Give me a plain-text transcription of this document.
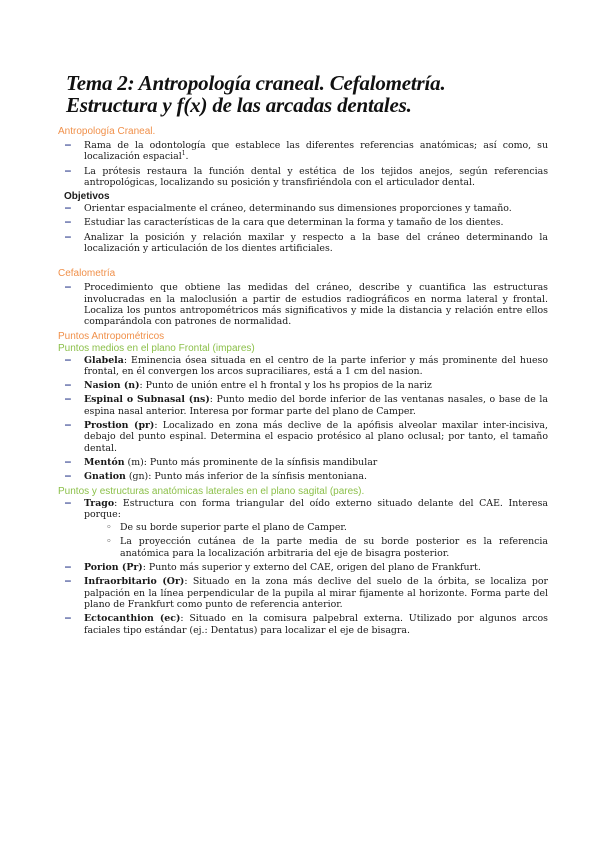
Tema 2: Antropología craneal. Cefalometría.
Estructura y f(x) de las arcadas dentales.
Antropología Craneal.
− Rama de la odontología que establece las diferentes referencias anatómicas; así como, su localización espacial$^1$.
− La prótesis restaura la función dental y estética de los tejidos anejos, según referencias antropológicas, localizando su posición y transfiriéndola con el articulador dental.
Objetivos
− Orientar espacialmente el cráneo, determinando sus dimensiones proporciones y tamaño.
− Estudiar las características de la cara que determinan la forma y tamaño de los dientes.
− Analizar la posición y relación maxilar y respecto a la base del cráneo determinando la localización y articulación de los dientes artificiales.
Cefalometría
− Procedimiento que obtiene las medidas del cráneo, describe y cuantifica las estructuras involucradas en la maloclusión a partir de estudios radiográficos en norma lateral y frontal. Localiza los puntos antropométricos más significativos y mide la distancia y relación entre ellos comparándola con patrones de normalidad.
Puntos Antropométricos
Puntos medios en el plano Frontal (impares)
− Glabela: Eminencia ósea situada en el centro de la parte inferior y más prominente del hueso frontal, en él convergen los arcos supraciliares, está a 1 cm del nasion.
− Nasion (n): Punto de unión entre el h frontal y los hs propios de la nariz
− Espinal o Subnasal (ns): Punto medio del borde inferior de las ventanas nasales, o base de la espina nasal anterior. Interesa por formar parte del plano de Camper.
− Prostion (pr): Localizado en zona más declive de la apófisis alveolar maxilar inter-incisiva, debajo del punto espinal. Determina el espacio protésico al plano oclusal; por tanto, el tamaño dental.
− Mentón (m): Punto más prominente de la sínfisis mandibular
− Gnation (gn): Punto más inferior de la sínfisis mentoniana.
Puntos y estructuras anatómicas laterales en el plano sagital (pares).
− Trago: Estructura con forma triangular del oído externo situado delante del CAE. Interesa porque:
◦ De su borde superior parte el plano de Camper.
◦ La proyección cutánea de la parte media de su borde posterior es la referencia anatómica para la localización arbitraria del eje de bisagra posterior.
− Porion (Pr): Punto más superior y externo del CAE, origen del plano de Frankfurt.
− Infraorbitario (Or): Situado en la zona más declive del suelo de la órbita, se localiza por palpación en la línea perpendicular de la pupila al mirar fijamente al horizonte. Forma parte del plano de Frankfurt como punto de referencia anterior.
− Ectocanthion (ec): Situado en la comisura palpebral externa. Utilizado por algunos arcos faciales tipo estándar (ej.: Dentatus) para localizar el eje de bisagra.
